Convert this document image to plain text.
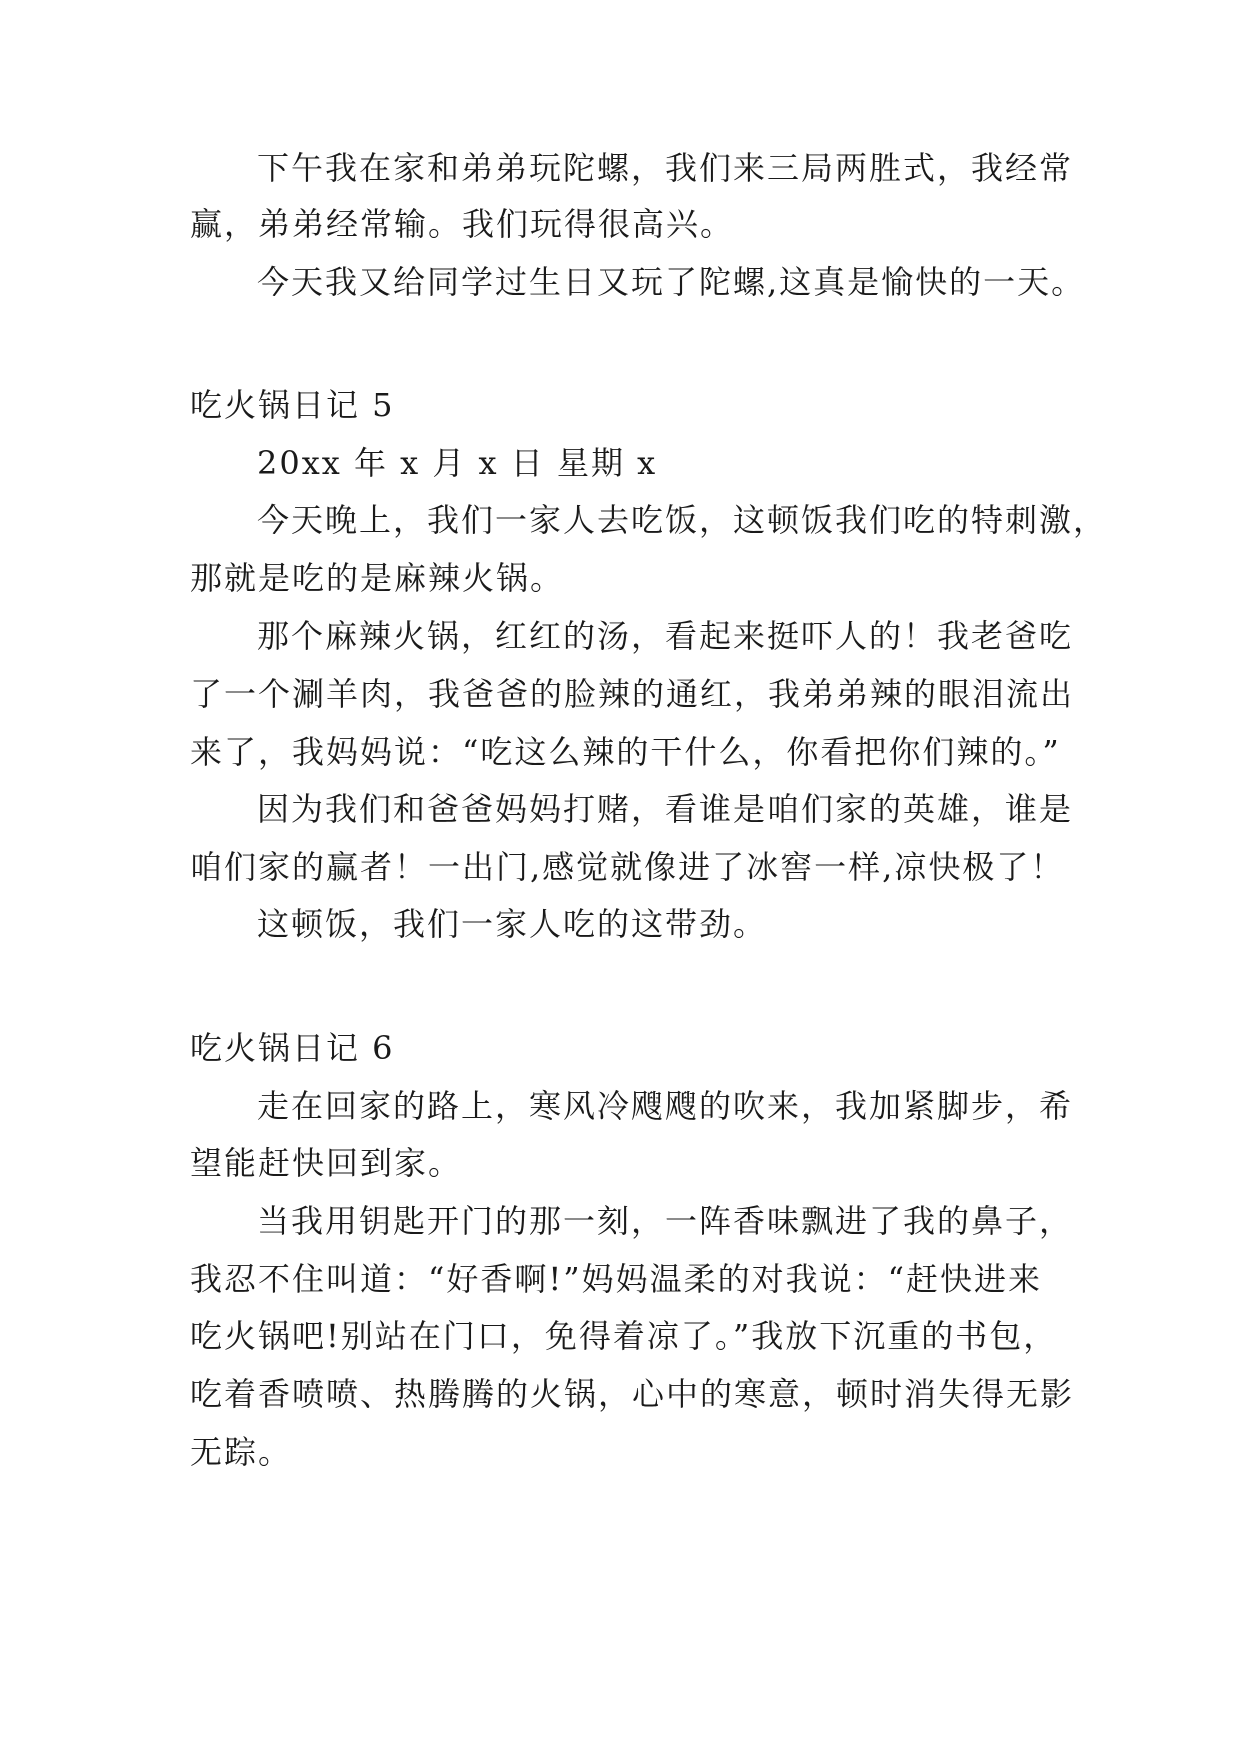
下午我在家和弟弟玩陀螺，我们来三局两胜式，我经常
赢，弟弟经常输。我们玩得很高兴。
今天我又给同学过生日又玩了陀螺,这真是愉快的一天。
吃火锅日记 5
20xx 年 x 月 x 日 星期 x
今天晚上，我们一家人去吃饭，这顿饭我们吃的特刺激，
那就是吃的是麻辣火锅。
那个麻辣火锅，红红的汤，看起来挺吓人的！我老爸吃
了一个涮羊肉，我爸爸的脸辣的通红，我弟弟辣的眼泪流出
来了，我妈妈说：“吃这么辣的干什么，你看把你们辣的。”
因为我们和爸爸妈妈打赌，看谁是咱们家的英雄，谁是
咱们家的赢者！一出门,感觉就像进了冰窖一样,凉快极了！
这顿饭，我们一家人吃的这带劲。
吃火锅日记 6
走在回家的路上，寒风冷飕飕的吹来，我加紧脚步，希
望能赶快回到家。
当我用钥匙开门的那一刻，一阵香味飘进了我的鼻子，
我忍不住叫道：“好香啊!”妈妈温柔的对我说：“赶快进来
吃火锅吧!别站在门口，免得着凉了。”我放下沉重的书包，
吃着香喷喷、热腾腾的火锅，心中的寒意，顿时消失得无影
无踪。
